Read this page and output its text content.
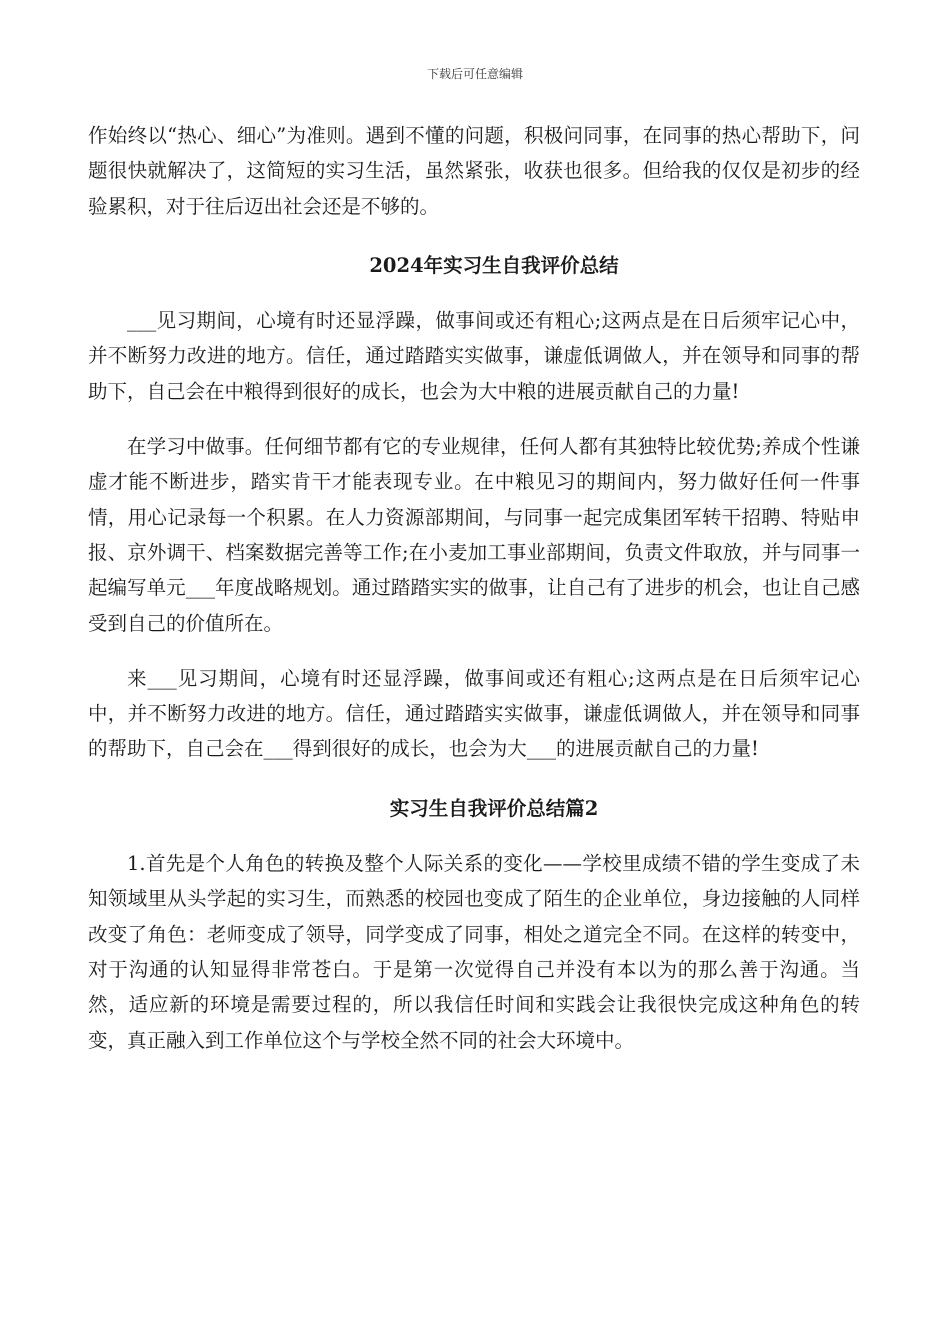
下载后可任意编辑

作始终以“热心、细心”为准则。遇到不懂的问题，积极问同事，在同事的热心帮助下，问题很快就解决了，这简短的实习生活，虽然紧张，收获也很多。但给我的仅仅是初步的经验累积，对于往后迈出社会还是不够的。

2024年实习生自我评价总结

___见习期间，心境有时还显浮躁，做事间或还有粗心;这两点是在日后须牢记心中，并不断努力改进的地方。信任，通过踏踏实实做事，谦虚低调做人，并在领导和同事的帮助下，自己会在中粮得到很好的成长，也会为大中粮的进展贡献自己的力量!

在学习中做事。任何细节都有它的专业规律，任何人都有其独特比较优势;养成个性谦虚才能不断进步，踏实肯干才能表现专业。在中粮见习的期间内，努力做好任何一件事情，用心记录每一个积累。在人力资源部期间，与同事一起完成集团军转干招聘、特贴申报、京外调干、档案数据完善等工作;在小麦加工事业部期间，负责文件取放，并与同事一起编写单元___年度战略规划。通过踏踏实实的做事，让自己有了进步的机会，也让自己感受到自己的价值所在。

来___见习期间，心境有时还显浮躁，做事间或还有粗心;这两点是在日后须牢记心中，并不断努力改进的地方。信任，通过踏踏实实做事，谦虚低调做人，并在领导和同事的帮助下，自己会在___得到很好的成长，也会为大___的进展贡献自己的力量!

实习生自我评价总结篇2

1.首先是个人角色的转换及整个人际关系的变化——学校里成绩不错的学生变成了未知领域里从头学起的实习生，而熟悉的校园也变成了陌生的企业单位，身边接触的人同样改变了角色：老师变成了领导，同学变成了同事，相处之道完全不同。在这样的转变中，对于沟通的认知显得非常苍白。于是第一次觉得自己并没有本以为的那么善于沟通。当然，适应新的环境是需要过程的，所以我信任时间和实践会让我很快完成这种角色的转变，真正融入到工作单位这个与学校全然不同的社会大环境中。
